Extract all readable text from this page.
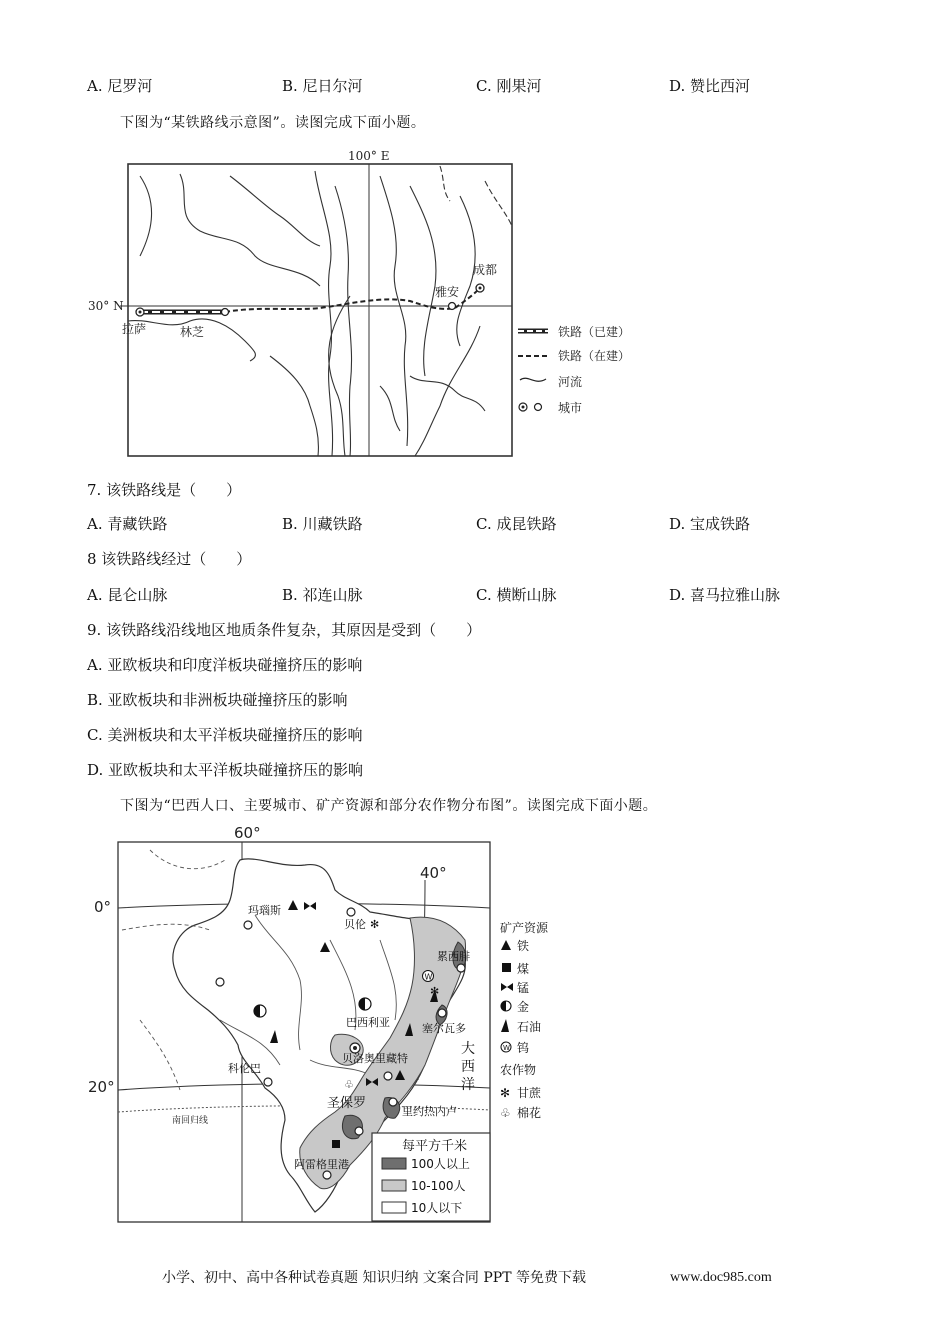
A. 尼罗河	B. 尼日尔河	C. 刚果河	D. 赞比西河
下图为“某铁路线示意图”。读图完成下面小题。
100° E
30° N
拉萨	林芝
雅安
成都
铁路（已建）
铁路（在建）
河流
城市
7. 该铁路线是（　　）
A. 青藏铁路	B. 川藏铁路	C. 成昆铁路	D. 宝成铁路
8 该铁路线经过（　　）
A. 昆仑山脉	B. 祁连山脉	C. 横断山脉	D. 喜马拉雅山脉
9. 该铁路线沿线地区地质条件复杂，其原因是受到（　　）
A. 亚欧板块和印度洋板块碰撞挤压的影响
B. 亚欧板块和非洲板块碰撞挤压的影响
C. 美洲板块和太平洋板块碰撞挤压的影响
D. 亚欧板块和太平洋板块碰撞挤压的影响
下图为“巴西人口、主要城市、矿产资源和部分农作物分布图”。读图完成下面小题。
W
✻
✻
♧
60°
40°
0°
20°
南回归线
玛瑙斯
贝伦
累西腓
巴西利亚	塞尔瓦多
科伦巴
贝洛奥里藏特
里约热内卢
阿雷格里港
圣保罗
大
西
洋
矿产资源
铁
煤
锰
金
石油
W 钨
农作物
✻ 甘蔗
♧ 棉花
每平方千米
100人以上
10-100人
10人以下
小学、初中、高中各种试卷真题 知识归纳 文案合同 PPT 等免费下载	www.doc985.com
